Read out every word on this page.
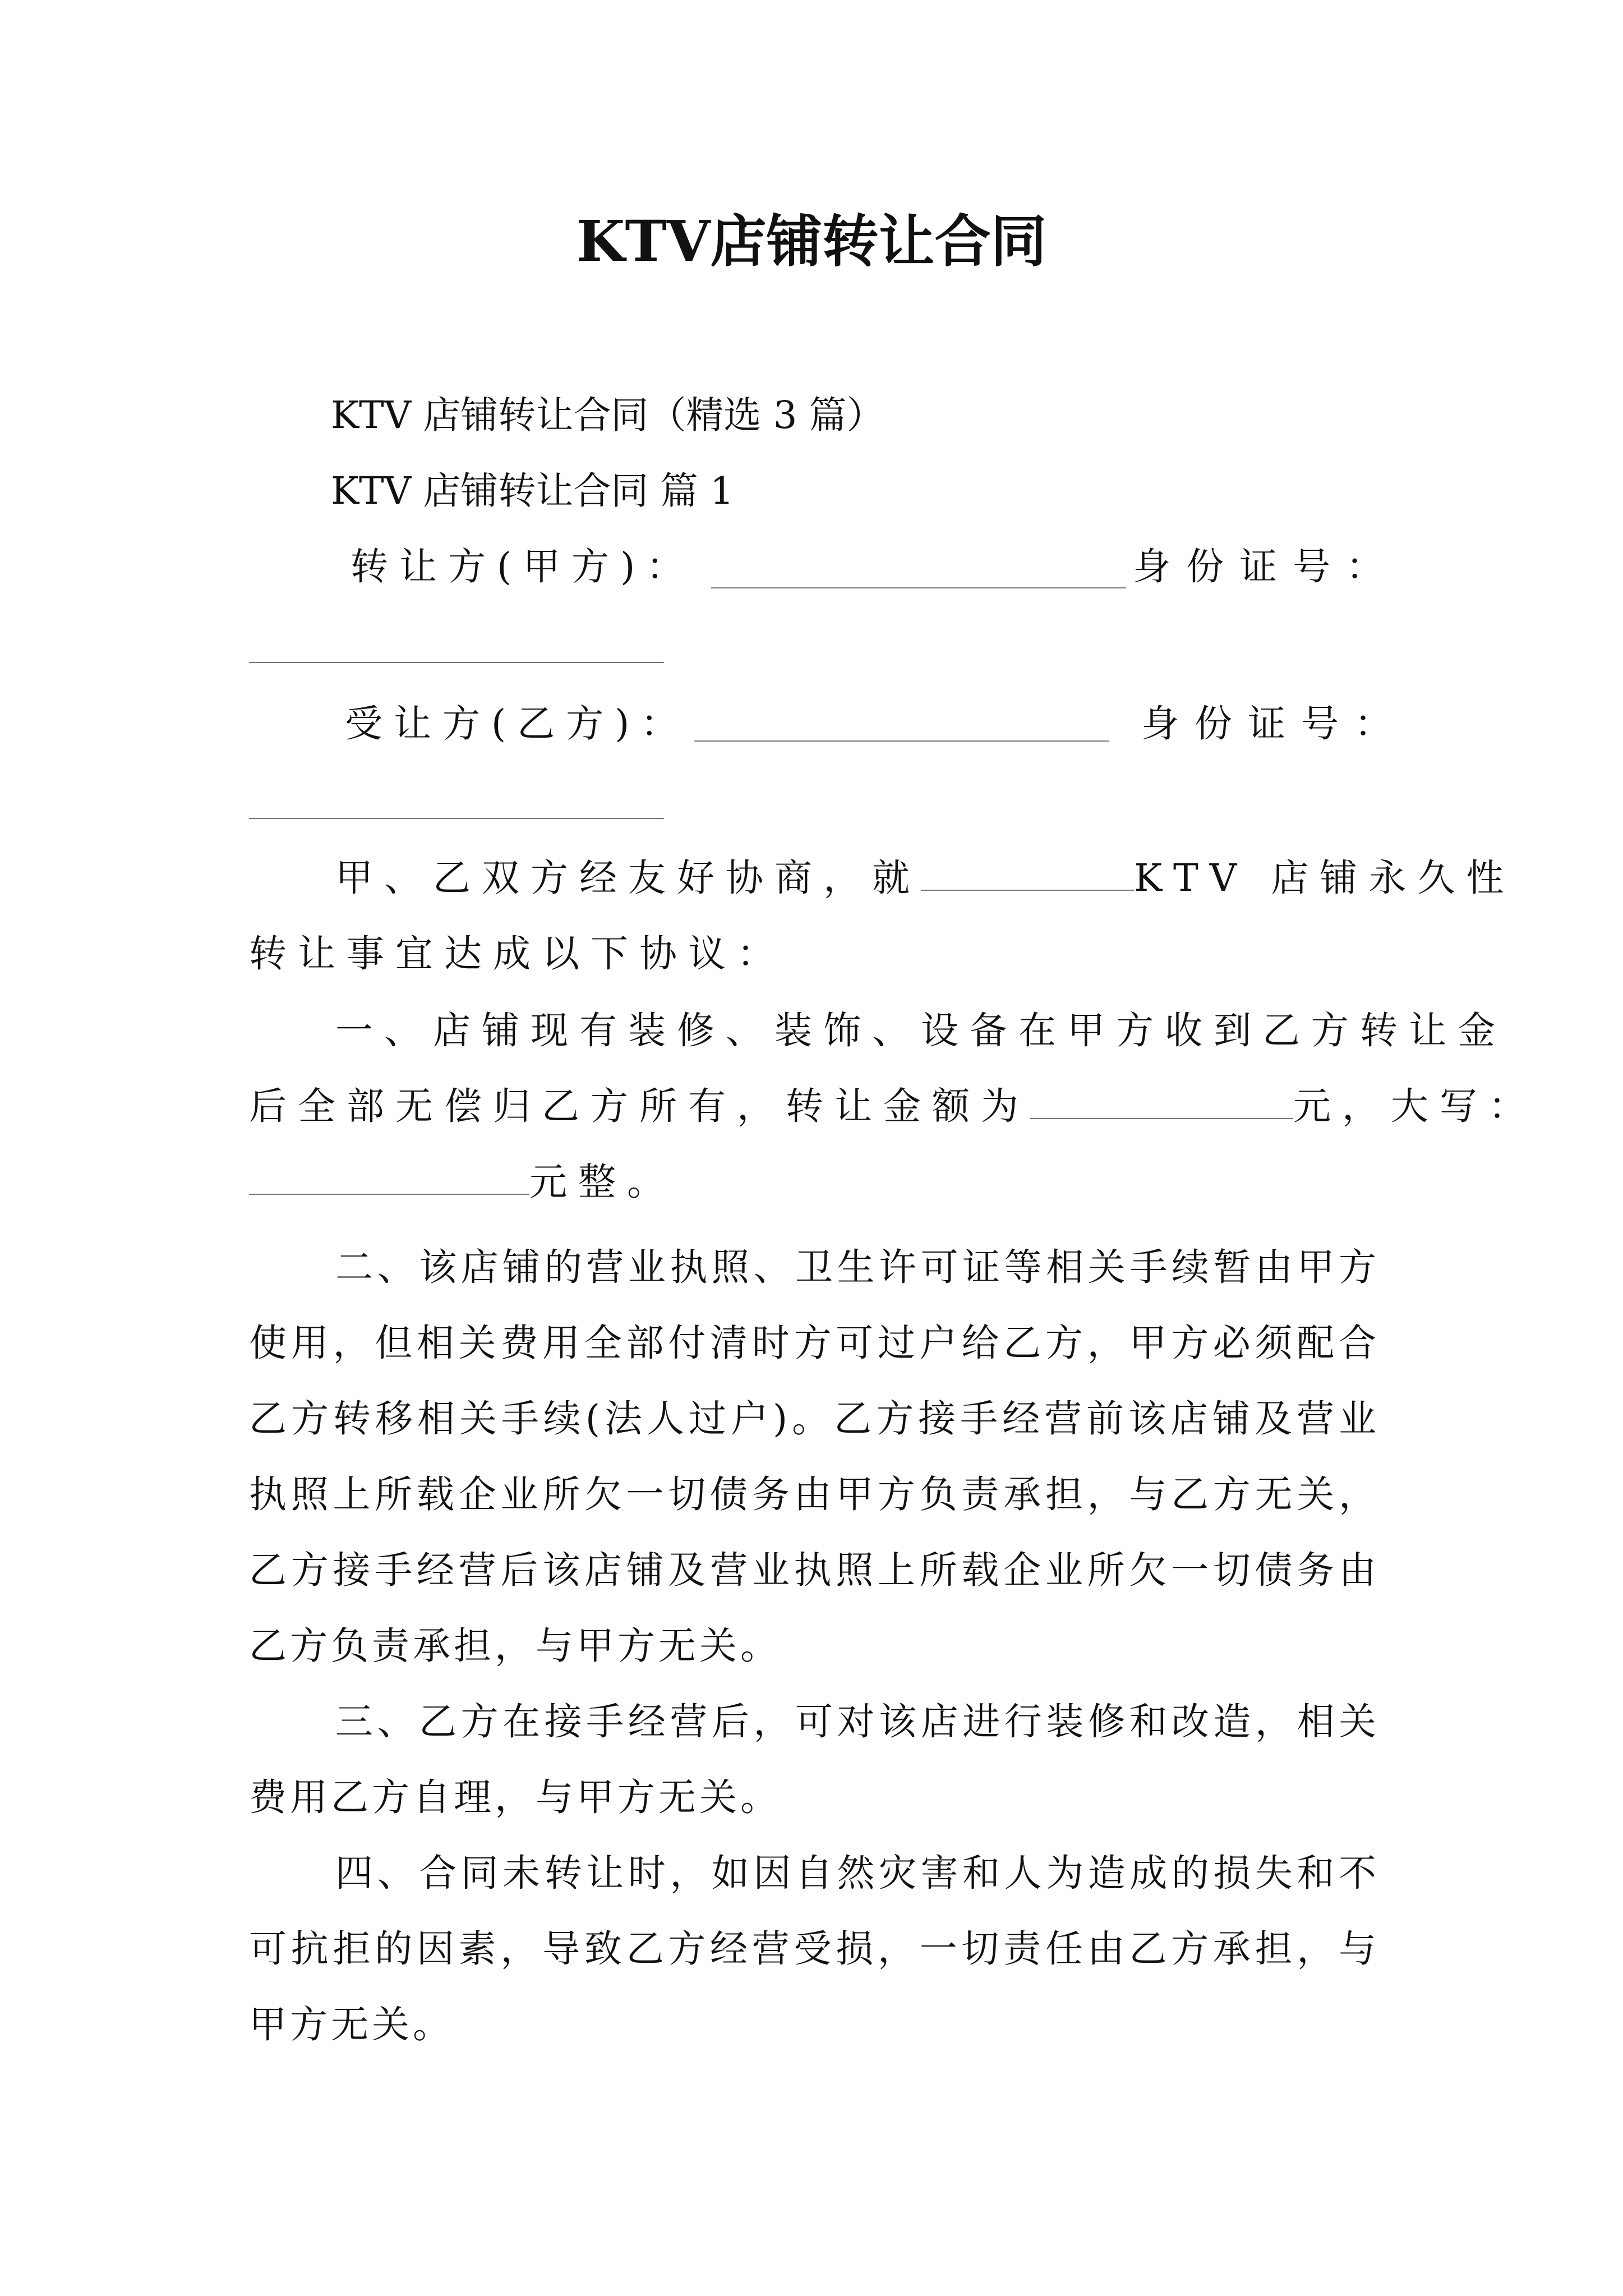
KTV店铺转让合同

KTV 店铺转让合同（精选 3 篇）

KTV 店铺转让合同 篇 1

转让方(甲方)：	身份证号：
受让方(乙方)：	身份证号：
甲、乙双方经友好协商，就	KTV 店铺永久性

转让事宜达成以下协议：

一、店铺现有装修、装饰、设备在甲方收到乙方转让金

后全部无偿归乙方所有，转让金额为	元，大写：
元整。

二、该店铺的营业执照、卫生许可证等相关手续暂由甲方使用，但相关费用全部付清时方可过户给乙方，甲方必须配合乙方转移相关手续(法人过户)。乙方接手经营前该店铺及营业执照上所载企业所欠一切债务由甲方负责承担，与乙方无关，乙方接手经营后该店铺及营业执照上所载企业所欠一切债务由乙方负责承担，与甲方无关。

三、乙方在接手经营后，可对该店进行装修和改造，相关费用乙方自理，与甲方无关。

四、合同未转让时，如因自然灾害和人为造成的损失和不可抗拒的因素，导致乙方经营受损，一切责任由乙方承担，与甲方无关。
